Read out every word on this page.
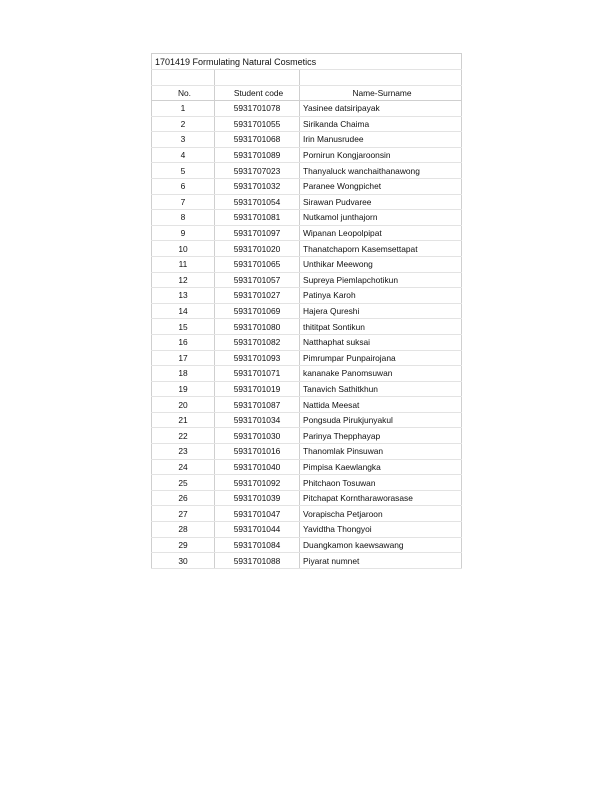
1701419 Formulating Natural Cosmetics		

No.	Student code	Name-Surname
1	5931701078	Yasinee datsiripayak
2	5931701055	Sirikanda Chaima
3	5931701068	Irin Manusrudee
4	5931701089	Pornirun Kongjaroonsin
5	5931707023	Thanyaluck wanchaithanawong
6	5931701032	Paranee Wongpichet
7	5931701054	Sirawan Pudvaree
8	5931701081	Nutkamol junthajorn
9	5931701097	Wipanan Leopolpipat
10	5931701020	Thanatchaporn Kasemsettapat
11	5931701065	Unthikar Meewong
12	5931701057	Supreya Piemlapchotikun
13	5931701027	Patinya Karoh
14	5931701069	Hajera Qureshi
15	5931701080	thititpat Sontikun
16	5931701082	Natthaphat suksai
17	5931701093	Pimrumpar Punpairojana
18	5931701071	kananake Panomsuwan
19	5931701019	Tanavich Sathitkhun
20	5931701087	Nattida Meesat
21	5931701034	Pongsuda Pirukjunyakul
22	5931701030	Parinya Thepphayap
23	5931701016	Thanomlak Pinsuwan
24	5931701040	Pimpisa Kaewlangka
25	5931701092	Phitchaon Tosuwan
26	5931701039	Pitchapat Korntharaworasase
27	5931701047	Vorapischa Petjaroon
28	5931701044	Yavidtha Thongyoi
29	5931701084	Duangkamon kaewsawang
30	5931701088	Piyarat numnet
